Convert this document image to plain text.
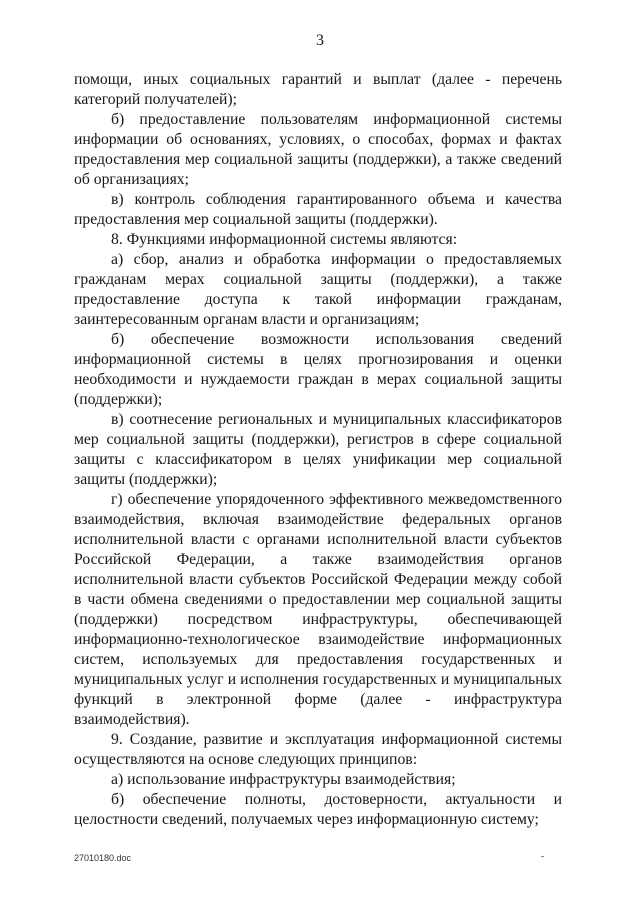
3

помощи, иных социальных гарантий и выплат (далее - перечень категорий получателей);

б) предоставление пользователям информационной системы информации об основаниях, условиях, о способах, формах и фактах предоставления мер социальной защиты (поддержки), а также сведений об организациях;

в) контроль соблюдения гарантированного объема и качества предоставления мер социальной защиты (поддержки).

8. Функциями информационной системы являются:

а) сбор, анализ и обработка информации о предоставляемых гражданам мерах социальной защиты (поддержки), а также предоставление доступа к такой информации гражданам, заинтересованным органам власти и организациям;

б) обеспечение возможности использования сведений информационной системы в целях прогнозирования и оценки необходимости и нуждаемости граждан в мерах социальной защиты (поддержки);

в) соотнесение региональных и муниципальных классификаторов мер социальной защиты (поддержки), регистров в сфере социальной защиты с классификатором в целях унификации мер социальной защиты (поддержки);

г) обеспечение упорядоченного эффективного межведомственного взаимодействия, включая взаимодействие федеральных органов исполнительной власти с органами исполнительной власти субъектов Российской Федерации, а также взаимодействия органов исполнительной власти субъектов Российской Федерации между собой в части обмена сведениями о предоставлении мер социальной защиты (поддержки) посредством инфраструктуры, обеспечивающей информационно-технологическое взаимодействие информационных систем, используемых для предоставления государственных и муниципальных услуг и исполнения государственных и муниципальных функций в электронной форме (далее - инфраструктура взаимодействия).

9. Создание, развитие и эксплуатация информационной системы осуществляются на основе следующих принципов:

а) использование инфраструктуры взаимодействия;

б) обеспечение полноты, достоверности, актуальности и целостности сведений, получаемых через информационную систему;

27010180.doc
